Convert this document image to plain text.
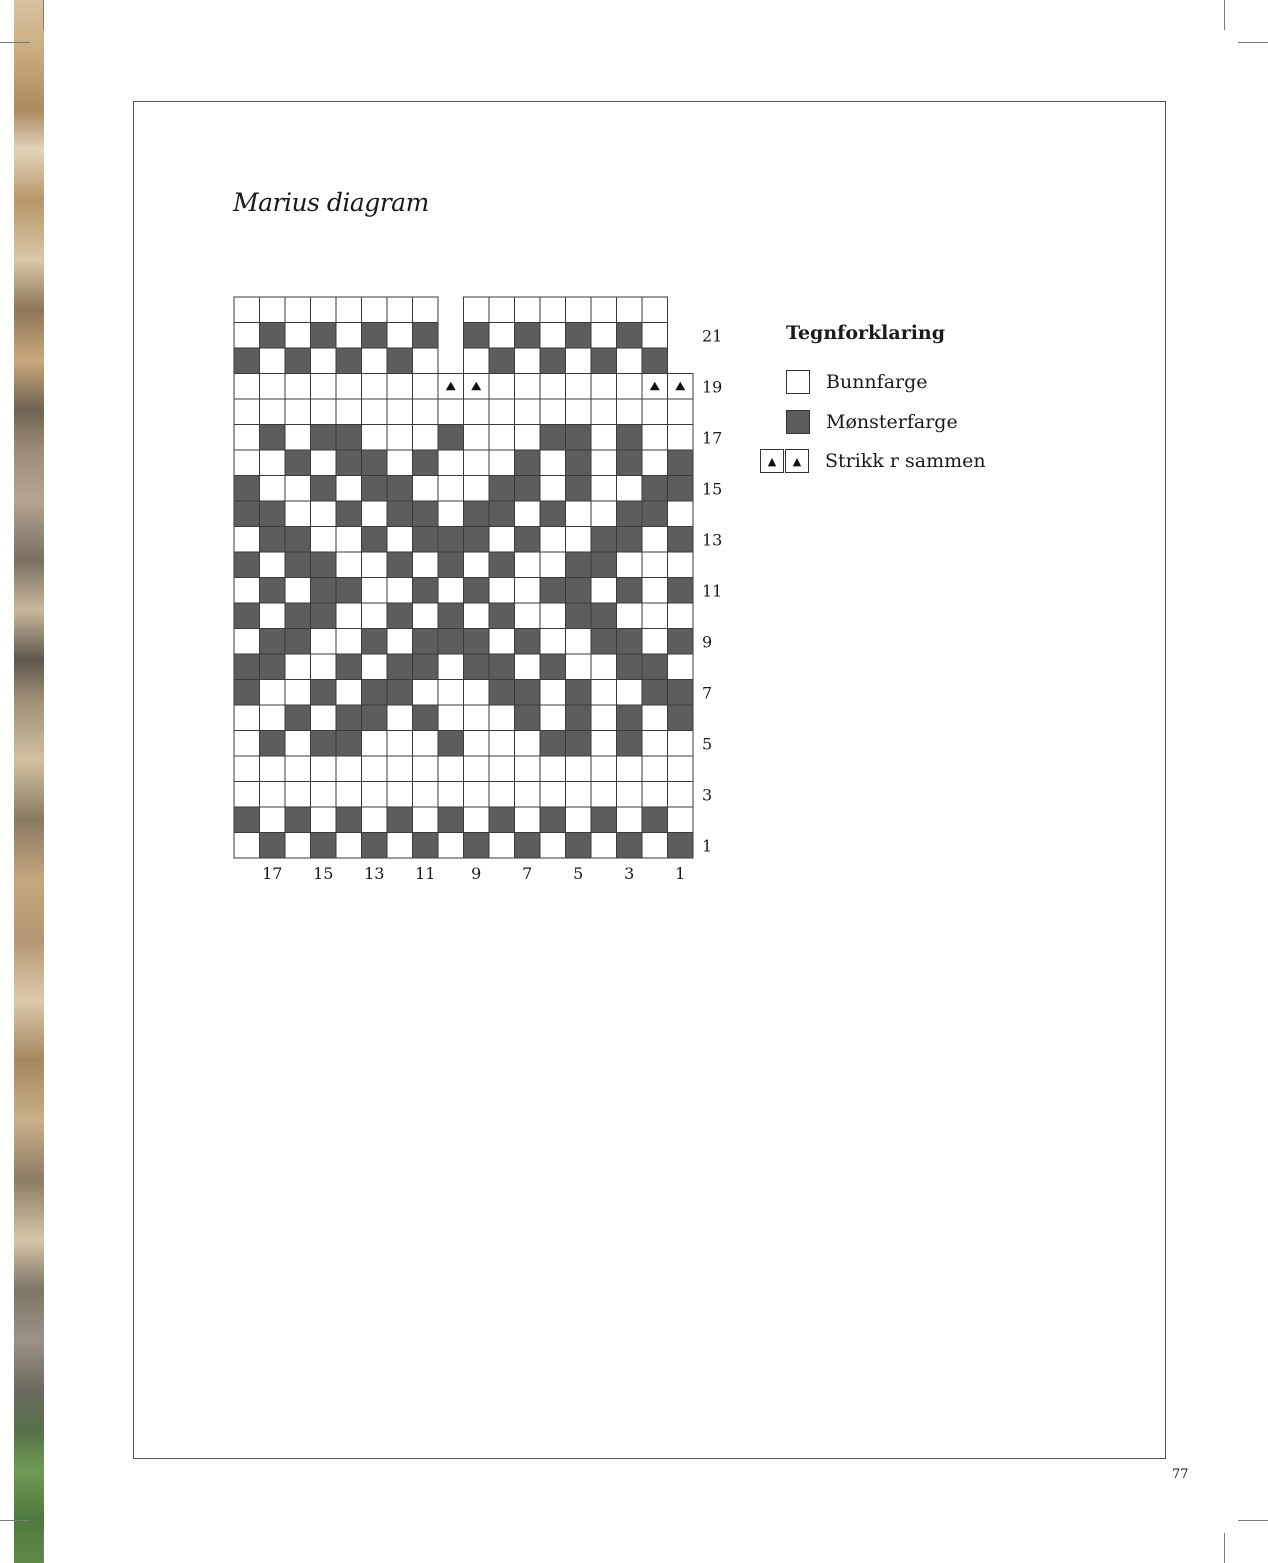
Marius diagram
21
19
17
15
13
11
9
7
5
3
1
17 15 13 11 9	7	5	3	1
Tegnforklaring
Bunnfarge
Mønsterfarge
▲	▲	Strikk r sammen
77
